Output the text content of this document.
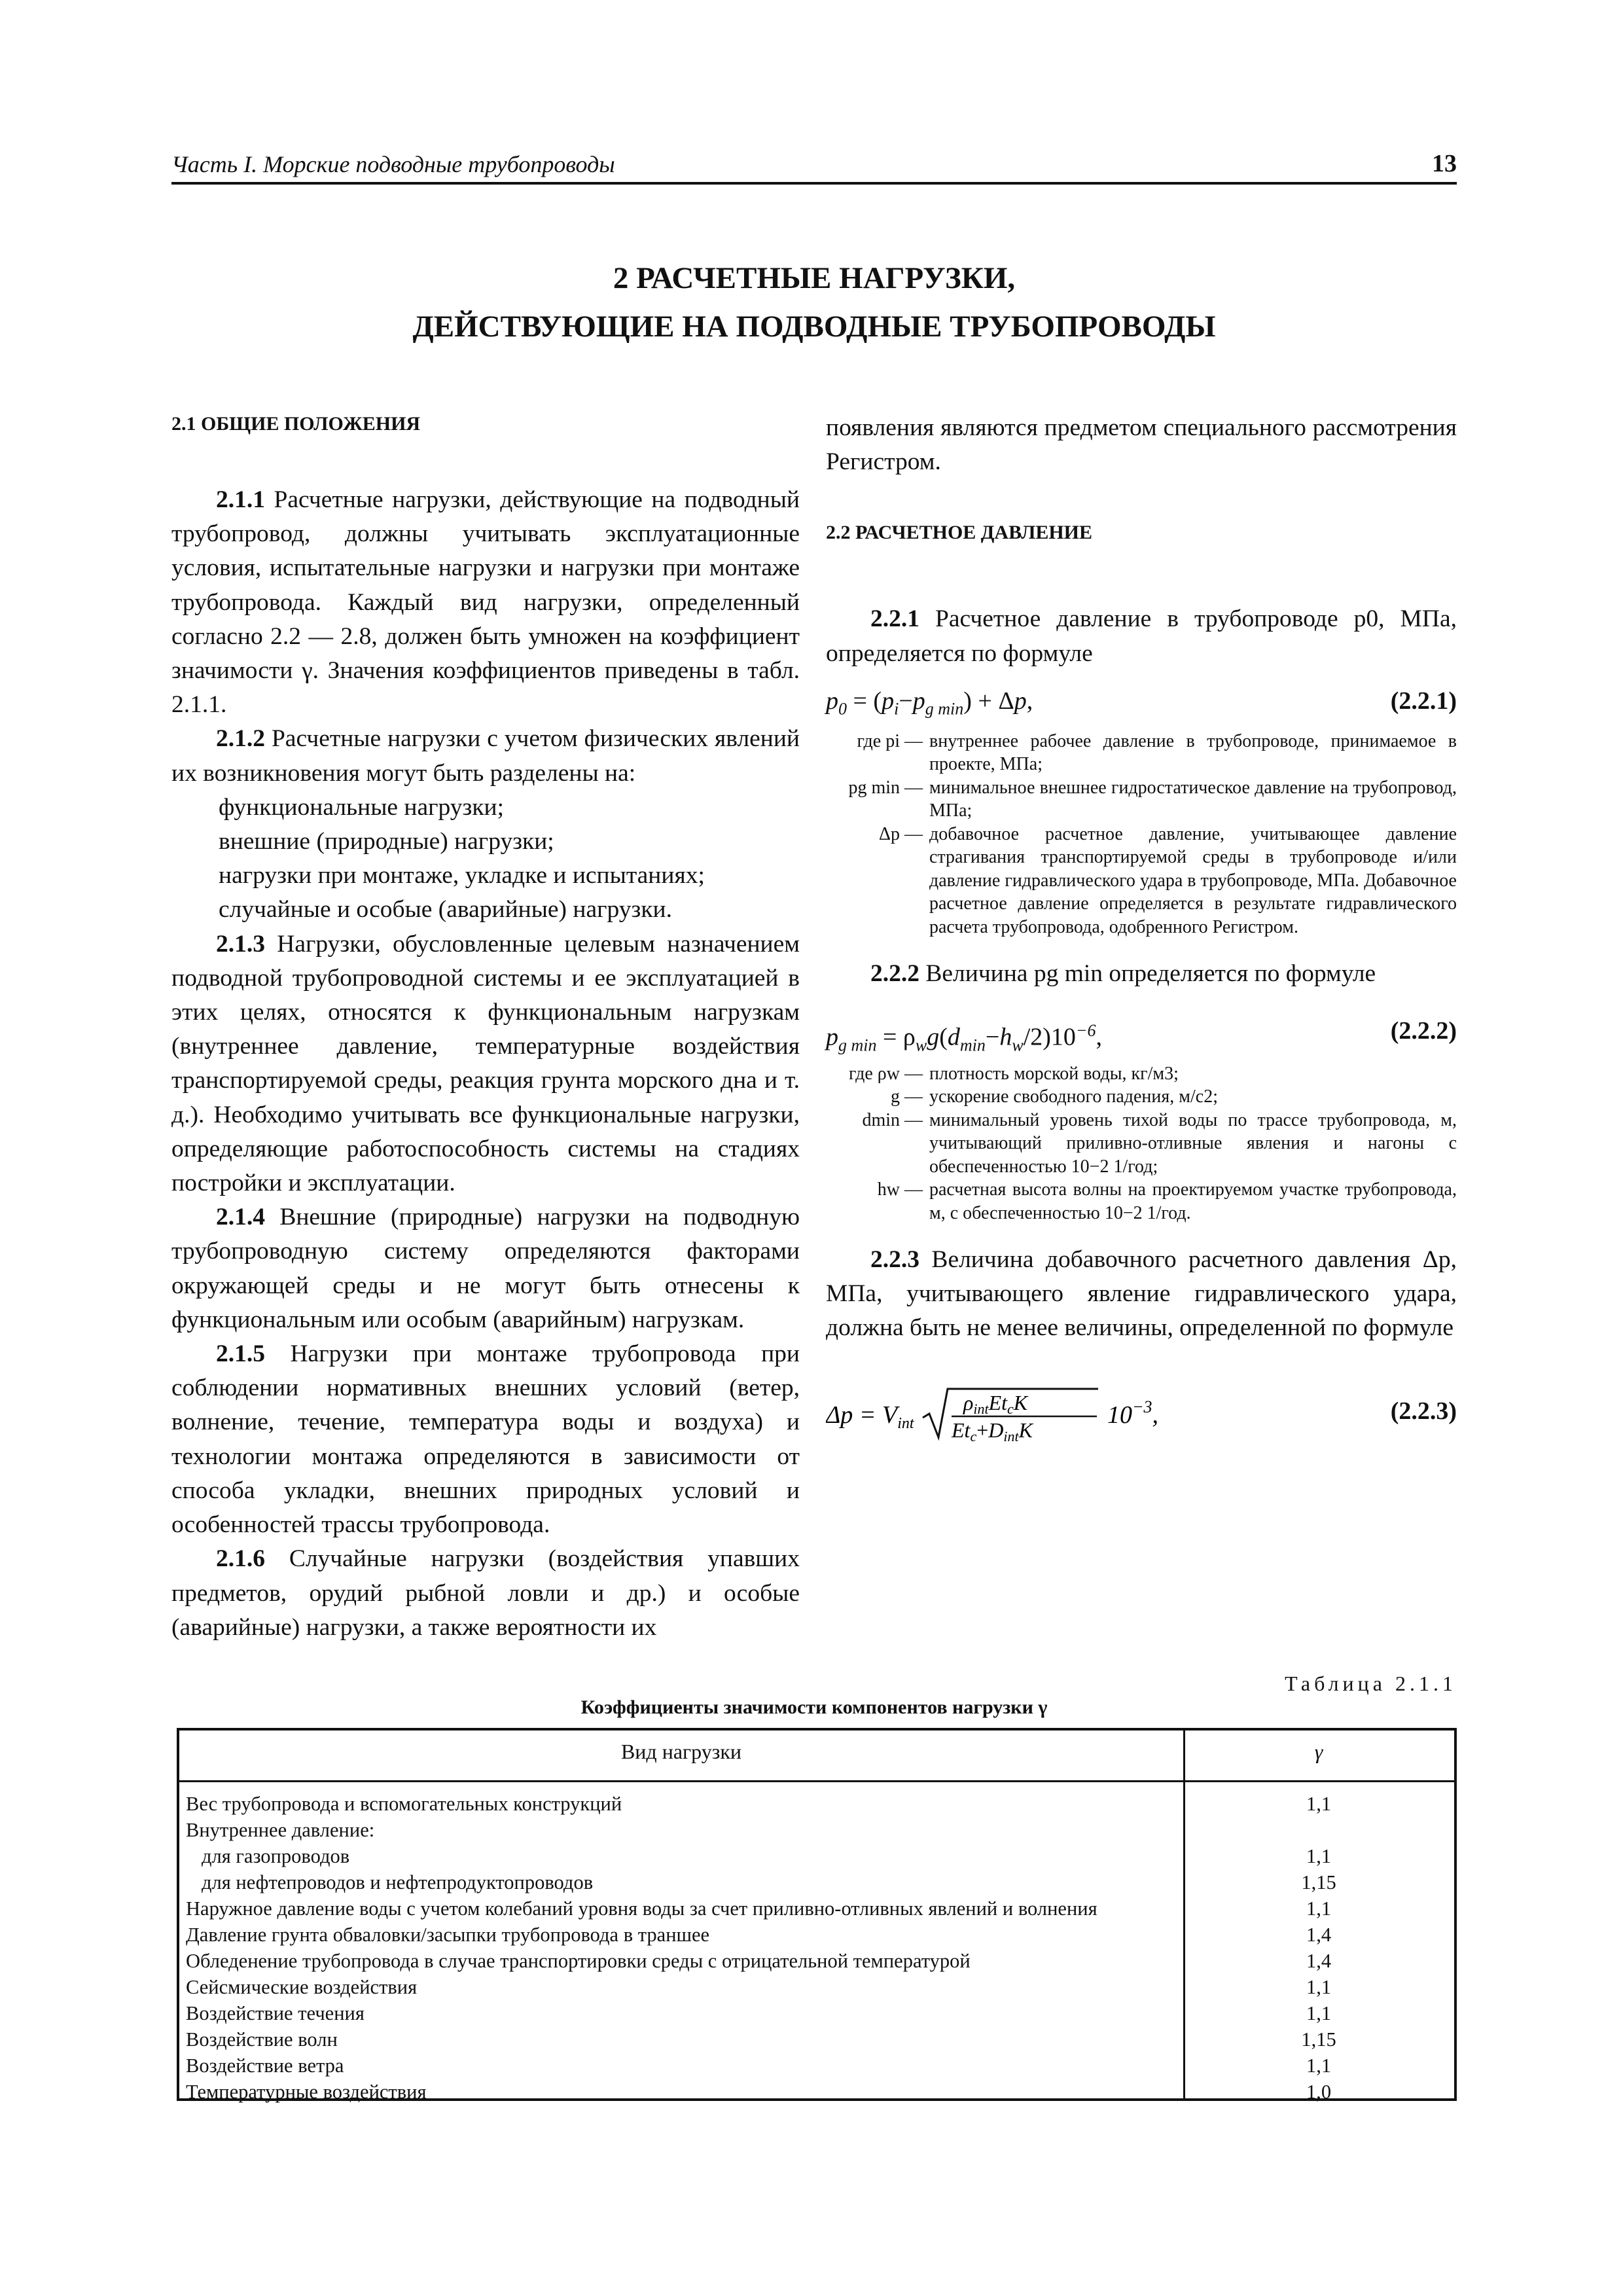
Часть I. Морские подводные трубопроводы	13
2 РАСЧЕТНЫЕ НАГРУЗКИ,
ДЕЙСТВУЮЩИЕ НА ПОДВОДНЫЕ ТРУБОПРОВОДЫ

2.1 ОБЩИЕ ПОЛОЖЕНИЯ

2.1.1 Расчетные нагрузки, действующие на подводный трубопровод, должны учитывать эксплуатационные условия, испытательные нагрузки и нагрузки при монтаже трубопровода. Каждый вид нагрузки, определенный согласно 2.2 — 2.8, должен быть умножен на коэффициент значимости γ. Значения коэффициентов приведены в табл. 2.1.1.

2.1.2 Расчетные нагрузки с учетом физических явлений их возникновения могут быть разделены на:

функциональные нагрузки;

внешние (природные) нагрузки;

нагрузки при монтаже, укладке и испытаниях;

случайные и особые (аварийные) нагрузки.

2.1.3 Нагрузки, обусловленные целевым назначением подводной трубопроводной системы и ее эксплуатацией в этих целях, относятся к функциональным нагрузкам (внутреннее давление, температурные воздействия транспортируемой среды, реакция грунта морского дна и т. д.). Необходимо учитывать все функциональные нагрузки, определяющие работоспособность системы на стадиях постройки и эксплуатации.

2.1.4 Внешние (природные) нагрузки на подводную трубопроводную систему определяются факторами окружающей среды и не могут быть отнесены к функциональным или особым (аварийным) нагрузкам.

2.1.5 Нагрузки при монтаже трубопровода при соблюдении нормативных внешних условий (ветер, волнение, течение, температура воды и воздуха) и технологии монтажа определяются в зависимости от способа укладки, внешних природных условий и особенностей трассы трубопровода.

2.1.6 Случайные нагрузки (воздействия упавших предметов, орудий рыбной ловли и др.) и особые (аварийные) нагрузки, а также вероятности их

появления являются предметом специального рассмотрения Регистром.

2.2 РАСЧЕТНОЕ ДАВЛЕНИЕ

2.2.1 Расчетное давление в трубопроводе p0, МПа, определяется по формуле

$p_0 = (p_i-p_{g min}) + \Delta p$,	(2.2.1)
где pi — внутреннее рабочее давление в трубопроводе, принимаемое в проекте, МПа;
pg min — минимальное внешнее гидростатическое давление на трубопровод, МПа;
Δp — добавочное расчетное давление, учитывающее давление страгивания транспортируемой среды в трубопроводе и/или давление гидравлического удара в трубопроводе, МПа. Добавочное расчетное давление определяется в результате гидравлического расчета трубопровода, одобренного Регистром.

2.2.2 Величина pg min определяется по формуле

$p_{g min} = \rho_wg(d_{min}-h_w/2)10^{-6}$,	(2.2.2)
где ρw — плотность морской воды, кг/м3;
g — ускорение свободного падения, м/с2;
dmin — минимальный уровень тихой воды по трассе трубопровода, м, учитывающий приливно-отливные явления и нагоны с обеспеченностью 10−2 1/год;
hw — расчетная высота волны на проектируемом участке трубопровода, м, с обеспеченностью 10−2 1/год.

2.2.3 Величина добавочного расчетного давления Δp, МПа, учитывающего явление гидравлического удара, должна быть не менее величины, определенной по формуле

$\Delta p = V_{int}$
ρintEtcK
Etc+DintK
$10^{-3}$,	(2.2.3)
Таблица 2.1.1
Коэффициенты значимости компонентов нагрузки γ
Вид нагрузки	γ
Вес трубопровода и вспомогательных конструкций	1,1
Внутреннее давление:
для газопроводов	1,1
для нефтепроводов и нефтепродуктопроводов	1,15
Наружное давление воды с учетом колебаний уровня воды за счет приливно-отливных явлений и волнения	1,1
Давление грунта обваловки/засыпки трубопровода в траншее	1,4
Обледенение трубопровода в случае транспортировки среды с отрицательной температурой	1,4
Сейсмические воздействия	1,1
Воздействие течения	1,1
Воздействие волн	1,15
Воздействие ветра	1,1
Температурные воздействия	1,0
